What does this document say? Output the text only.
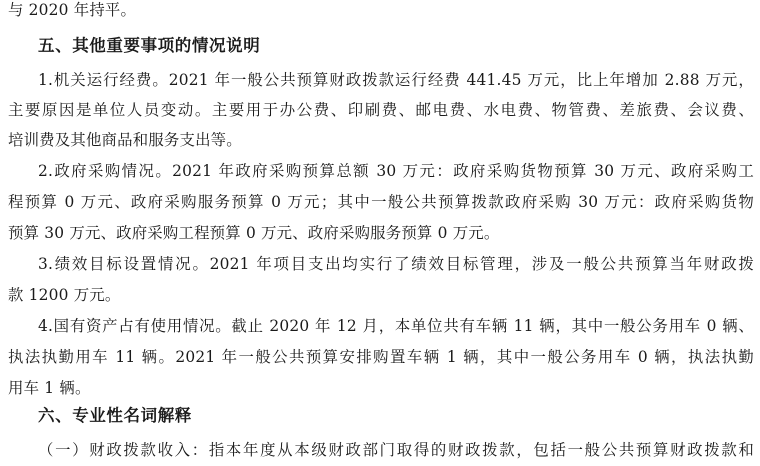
与 2020 年持平。
五、其他重要事项的情况说明
1.机关运行经费。2021 年一般公共预算财政拨款运行经费 441.45 万元，比上年增加 2.88 万元，
主要原因是单位人员变动。主要用于办公费、印刷费、邮电费、水电费、物管费、差旅费、会议费、
培训费及其他商品和服务支出等。
2.政府采购情况。2021 年政府采购预算总额 30 万元：政府采购货物预算 30 万元、政府采购工
程预算 0 万元、政府采购服务预算 0 万元；其中一般公共预算拨款政府采购 30 万元：政府采购货物
预算 30 万元、政府采购工程预算 0 万元、政府采购服务预算 0 万元。
3.绩效目标设置情况。2021 年项目支出均实行了绩效目标管理，涉及一般公共预算当年财政拨
款 1200 万元。
4.国有资产占有使用情况。截止 2020 年 12 月，本单位共有车辆 11 辆，其中一般公务用车 0 辆、
执法执勤用车 11 辆。2021 年一般公共预算安排购置车辆 1 辆，其中一般公务用车 0 辆，执法执勤
用车 1 辆。
六、专业性名词解释
（一）财政拨款收入：指本年度从本级财政部门取得的财政拨款，包括一般公共预算财政拨款和
